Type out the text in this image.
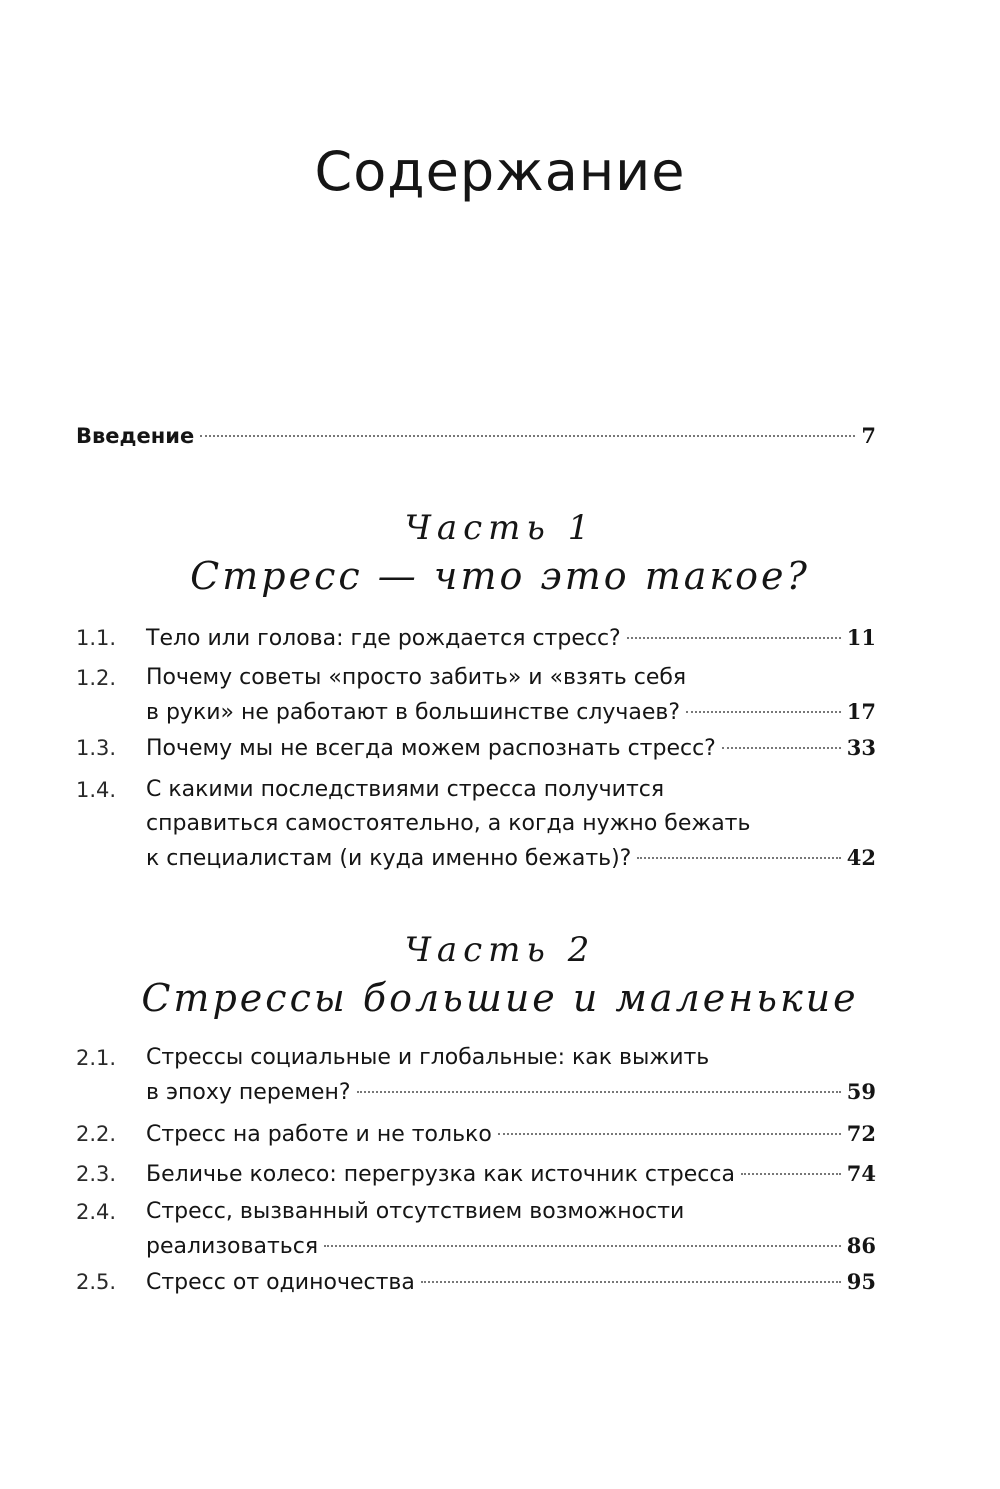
Содержание
Введение	7
Часть 1
Стресс — что это такое?
1.1. Тело или голова: где рождается стресс?	11
1.2. Почему советы «просто забить» и «взять себя
в руки» не работают в большинстве случаев?	17
1.3. Почему мы не всегда можем распознать стресс?	33
1.4. С какими последствиями стресса получится
справиться самостоятельно, а когда нужно бежать
к специалистам (и куда именно бежать)?	42
Часть 2
Стрессы большие и маленькие
2.1. Стрессы социальные и глобальные: как выжить
в эпоху перемен?	59
2.2. Стресс на работе и не только	72
2.3. Беличье колесо: перегрузка как источник стресса	74
2.4. Стресс, вызванный отсутствием возможности
реализоваться	86
2.5. Стресс от одиночества	95
